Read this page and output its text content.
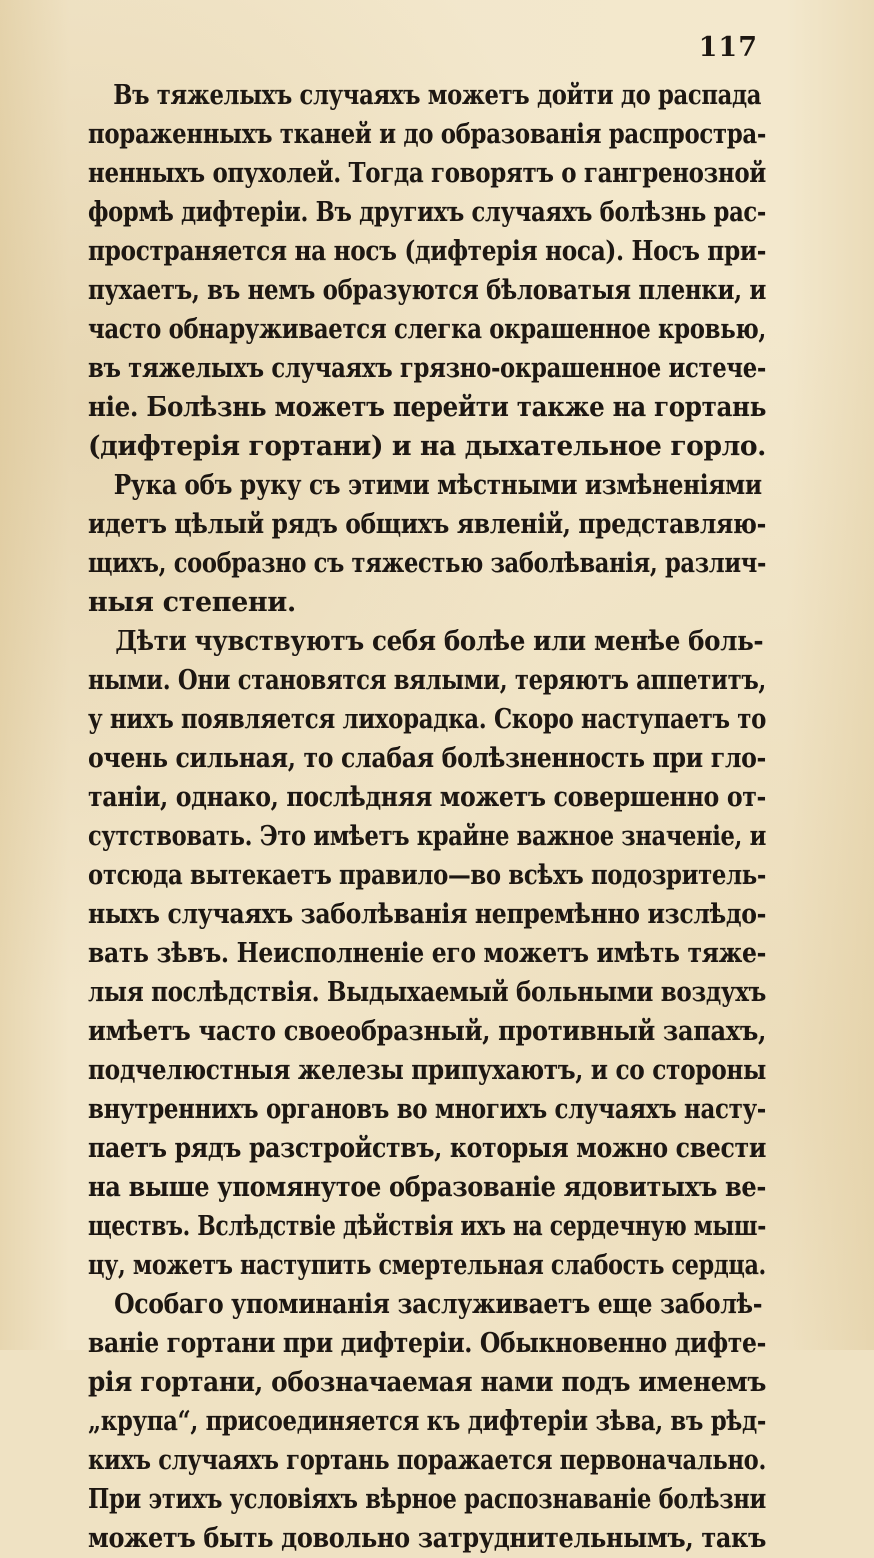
117
Въ тяжелыхъ случаяхъ можетъ дойти до распада
пораженныхъ тканей и до образованія распростра-
ненныхъ опухолей. Тогда говорятъ о гангренозной
формѣ дифтеріи. Въ другихъ случаяхъ болѣзнь рас-
пространяется на носъ (дифтерія носа). Носъ при-
пухаетъ, въ немъ образуются бѣловатыя пленки, и
часто обнаруживается слегка окрашенное кровью,
въ тяжелыхъ случаяхъ грязно-окрашенное истече-
ніе. Болѣзнь можетъ перейти также на гортань
(дифтерія гортани) и на дыхательное горло.
Рука объ руку съ этими мѣстными измѣненіями
идетъ цѣлый рядъ общихъ явленій, представляю-
щихъ, сообразно съ тяжестью заболѣванія, различ-
ныя степени.
Дѣти чувствуютъ себя болѣе или менѣе боль-
ными. Они становятся вялыми, теряютъ аппетитъ,
у нихъ появляется лихорадка. Скоро наступаетъ то
очень сильная, то слабая болѣзненность при гло-
таніи, однако, послѣдняя можетъ совершенно от-
сутствовать. Это имѣетъ крайне важное значеніе, и
отсюда вытекаетъ правило—во всѣхъ подозритель-
ныхъ случаяхъ заболѣванія непремѣнно изслѣдо-
вать зѣвъ. Неисполненіе его можетъ имѣть тяже-
лыя послѣдствія. Выдыхаемый больными воздухъ
имѣетъ часто своеобразный, противный запахъ,
подчелюстныя железы припухаютъ, и со стороны
внутреннихъ органовъ во многихъ случаяхъ насту-
паетъ рядъ разстройствъ, которыя можно свести
на выше упомянутое образованіе ядовитыхъ ве-
ществъ. Вслѣдствіе дѣйствія ихъ на сердечную мыш-
цу, можетъ наступить смертельная слабость сердца.
Особаго упоминанія заслуживаетъ еще заболѣ-
ваніе гортани при дифтеріи. Обыкновенно дифте-
рія гортани, обозначаемая нами подъ именемъ
„крупа“, присоединяется къ дифтеріи зѣва, въ рѣд-
кихъ случаяхъ гортань поражается первоначально.
При этихъ условіяхъ вѣрное распознаваніе болѣзни
можетъ быть довольно затруднительнымъ, такъ
